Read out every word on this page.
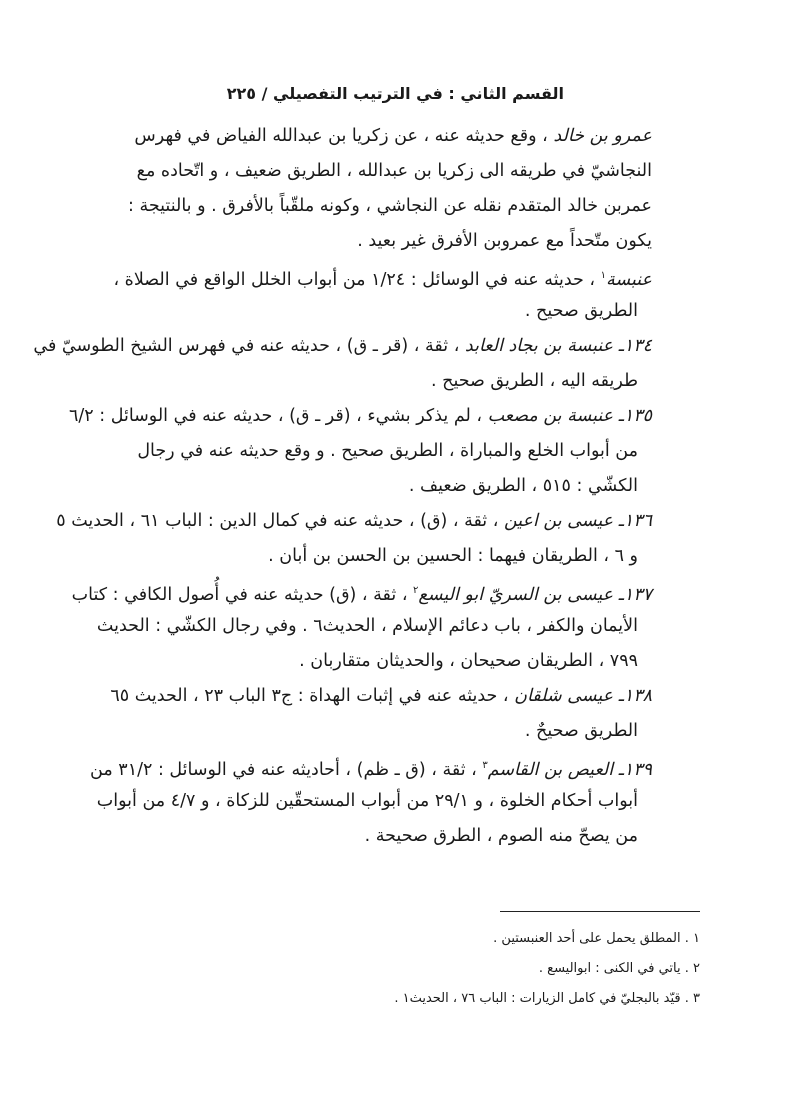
القسم الثاني : في الترتيب التفصيلي / ٢٢٥
عمرو بن خالد ، وقع حديثه عنه ، عن زكريا بن عبدالله الفياض في فهرس
النجاشيّ في طريقه الى زكريا بن عبدالله ، الطريق ضعيف ، و اتّحاده مع
عمربن خالد المتقدم نقله عن النجاشي ، وكونه ملقّباً بالأفرق . و بالنتيجة :
يكون متّحداً مع عمروبن الأفرق غير بعيد .
عنبسة$^١$ ، حديثه عنه في الوسائل : ١/٢٤ من أبواب الخلل الواقع في الصلاة ،
الطريق صحيح .
١٣٤ـ عنبسة بن بجاد العابد ، ثقة ، (قر ـ ق) ، حديثه عنه في فهرس الشيخ الطوسيّ في
طريقه اليه ، الطريق صحيح .
١٣٥ـ عنبسة بن مصعب ، لم يذكر بشيء ، (قر ـ ق) ، حديثه عنه في الوسائل : ٦/٢
من أبواب الخلع والمباراة ، الطريق صحيح . و وقع حديثه عنه في رجال
الكشّي : ٥١٥ ، الطريق ضعيف .
١٣٦ـ عيسى بن اعين ، ثقة ، (ق) ، حديثه عنه في كمال الدين : الباب ٦١ ، الحديث ٥
و ٦ ، الطريقان فيهما : الحسين بن الحسن بن أبان .
١٣٧ـ عيسى بن السريّ ابو اليسع$^٢$ ، ثقة ، (ق) حديثه عنه في أُصول الكافي : كتاب
الأيمان والكفر ، باب دعائم الإسلام ، الحديث٦ . وفي رجال الكشّي : الحديث
٧٩٩ ، الطريقان صحيحان ، والحديثان متقاربان .
١٣٨ـ عيسى شلقان ، حديثه عنه في إثبات الهداة : ج٣ الباب ٢٣ ، الحديث ٦٥
الطريق صحيحٌ .
١٣٩ـ العيص بن القاسم$^٣$ ، ثقة ، (ق ـ ظم) ، أحاديثه عنه في الوسائل : ٣١/٢ من
أبواب أحكام الخلوة ، و ٢٩/١ من أبواب المستحقّين للزكاة ، و ٤/٧ من أبواب
من يصحّ منه الصوم ، الطرق صحيحة .
١ . المطلق يحمل على أحد العنبستين .
٢ . ياتي في الكنى : ابواليسع .
٣ . قيّد بالبجليّ في كامل الزيارات : الباب ٧٦ ، الحديث١ .
